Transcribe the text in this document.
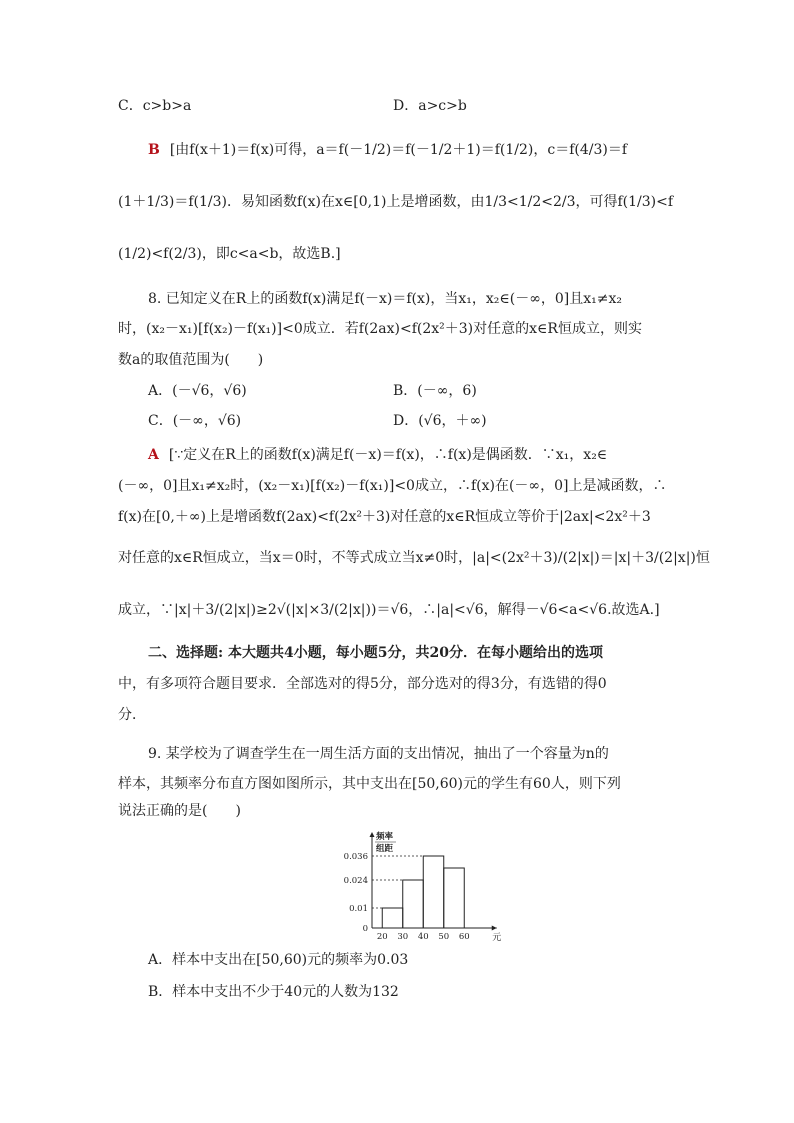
C．c>b>a	D．a>c>b
B [由f(x＋1)＝f(x)可得，a＝f(－1/2)＝f(－1/2＋1)＝f(1/2)，c＝f(4/3)＝f
(1＋1/3)＝f(1/3)．易知函数f(x)在x∈[0,1)上是增函数，由1/3<1/2<2/3，可得f(1/3)<f
(1/2)<f(2/3)，即c<a<b，故选B.]
8. 已知定义在R上的函数f(x)满足f(－x)＝f(x)，当x₁，x₂∈(－∞，0]且x₁≠x₂
时，(x₂－x₁)[f(x₂)－f(x₁)]<0成立．若f(2ax)<f(2x²＋3)对任意的x∈R恒成立，则实
数a的取值范围为(　　)
A．(－√6，√6)	B．(－∞，6)
C．(－∞，√6)	D．(√6，＋∞)
A [∵定义在R上的函数f(x)满足f(－x)＝f(x)，∴f(x)是偶函数．∵x₁，x₂∈
(－∞，0]且x₁≠x₂时，(x₂－x₁)[f(x₂)－f(x₁)]<0成立，∴f(x)在(－∞，0]上是减函数，∴
f(x)在[0,＋∞)上是增函数f(2ax)<f(2x²＋3)对任意的x∈R恒成立等价于|2ax|<2x²＋3
对任意的x∈R恒成立，当x＝0时，不等式成立当x≠0时，|a|<(2x²＋3)/(2|x|)＝|x|＋3/(2|x|)恒
成立，∵|x|＋3/(2|x|)≥2√(|x|×3/(2|x|))＝√6，∴|a|<√6，解得－√6<a<√6.故选A.]
二、选择题: 本大题共4小题，每小题5分，共20分．在每小题给出的选项
中，有多项符合题目要求．全部选对的得5分，部分选对的得3分，有选错的得0
分．
9. 某学校为了调查学生在一周生活方面的支出情况，抽出了一个容量为n的
样本，其频率分布直方图如图所示，其中支出在[50,60)元的学生有60人，则下列
说法正确的是(　　)
0.036
0.024
0.01
0
20 30 40 50 60	元
频率
组距
A．样本中支出在[50,60)元的频率为0.03
B．样本中支出不少于40元的人数为132
